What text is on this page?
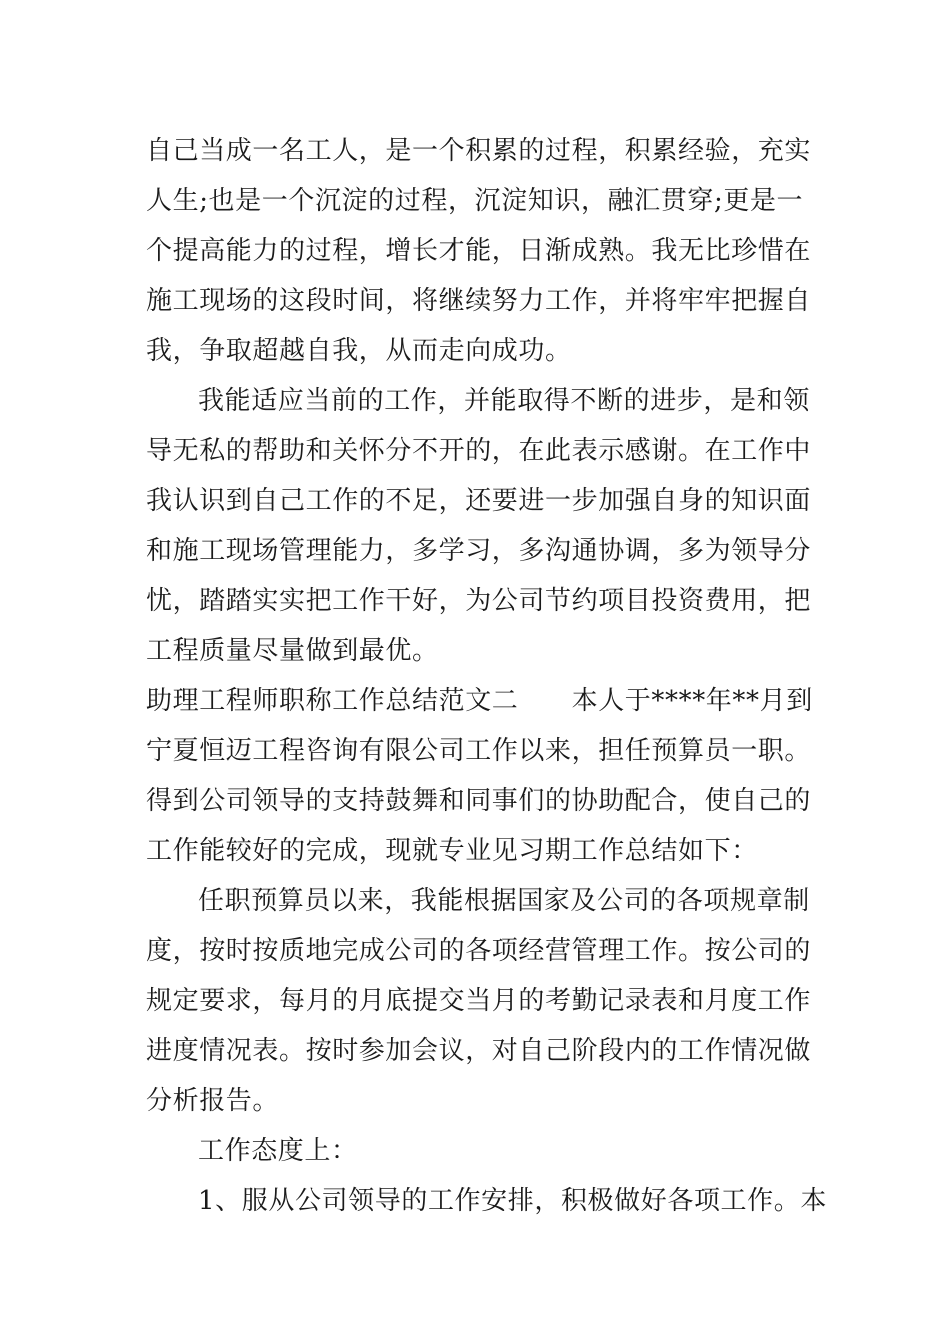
自己当成一名工人，是一个积累的过程，积累经验，充实
人生;也是一个沉淀的过程，沉淀知识，融汇贯穿;更是一
个提高能力的过程，增长才能，日渐成熟。我无比珍惜在
施工现场的这段时间，将继续努力工作，并将牢牢把握自
我，争取超越自我，从而走向成功。
我能适应当前的工作，并能取得不断的进步，是和领
导无私的帮助和关怀分不开的，在此表示感谢。在工作中
我认识到自己工作的不足，还要进一步加强自身的知识面
和施工现场管理能力，多学习，多沟通协调，多为领导分
忧，踏踏实实把工作干好，为公司节约项目投资费用，把
工程质量尽量做到最优。
助理工程师职称工作总结范文二　　本人于****年**月到
宁夏恒迈工程咨询有限公司工作以来，担任预算员一职。
得到公司领导的支持鼓舞和同事们的协助配合，使自己的
工作能较好的完成，现就专业见习期工作总结如下：
任职预算员以来，我能根据国家及公司的各项规章制
度，按时按质地完成公司的各项经营管理工作。按公司的
规定要求，每月的月底提交当月的考勤记录表和月度工作
进度情况表。按时参加会议，对自己阶段内的工作情况做
分析报告。
工作态度上：
1、服从公司领导的工作安排，积极做好各项工作。本
